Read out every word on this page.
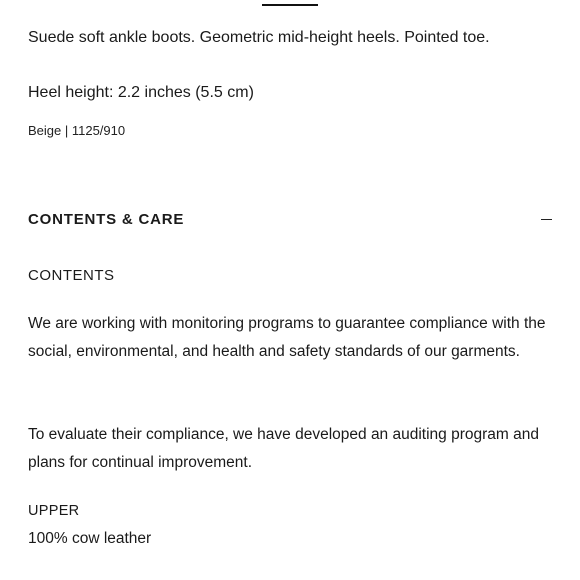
Suede soft ankle boots. Geometric mid-height heels. Pointed toe.

Heel height: 2.2 inches (5.5 cm)

Beige | 1125/910

CONTENTS & CARE

CONTENTS

We are working with monitoring programs to guarantee compliance with the social, environmental, and health and safety standards of our garments.

To evaluate their compliance, we have developed an auditing program and plans for continual improvement.

UPPER

100% cow leather
